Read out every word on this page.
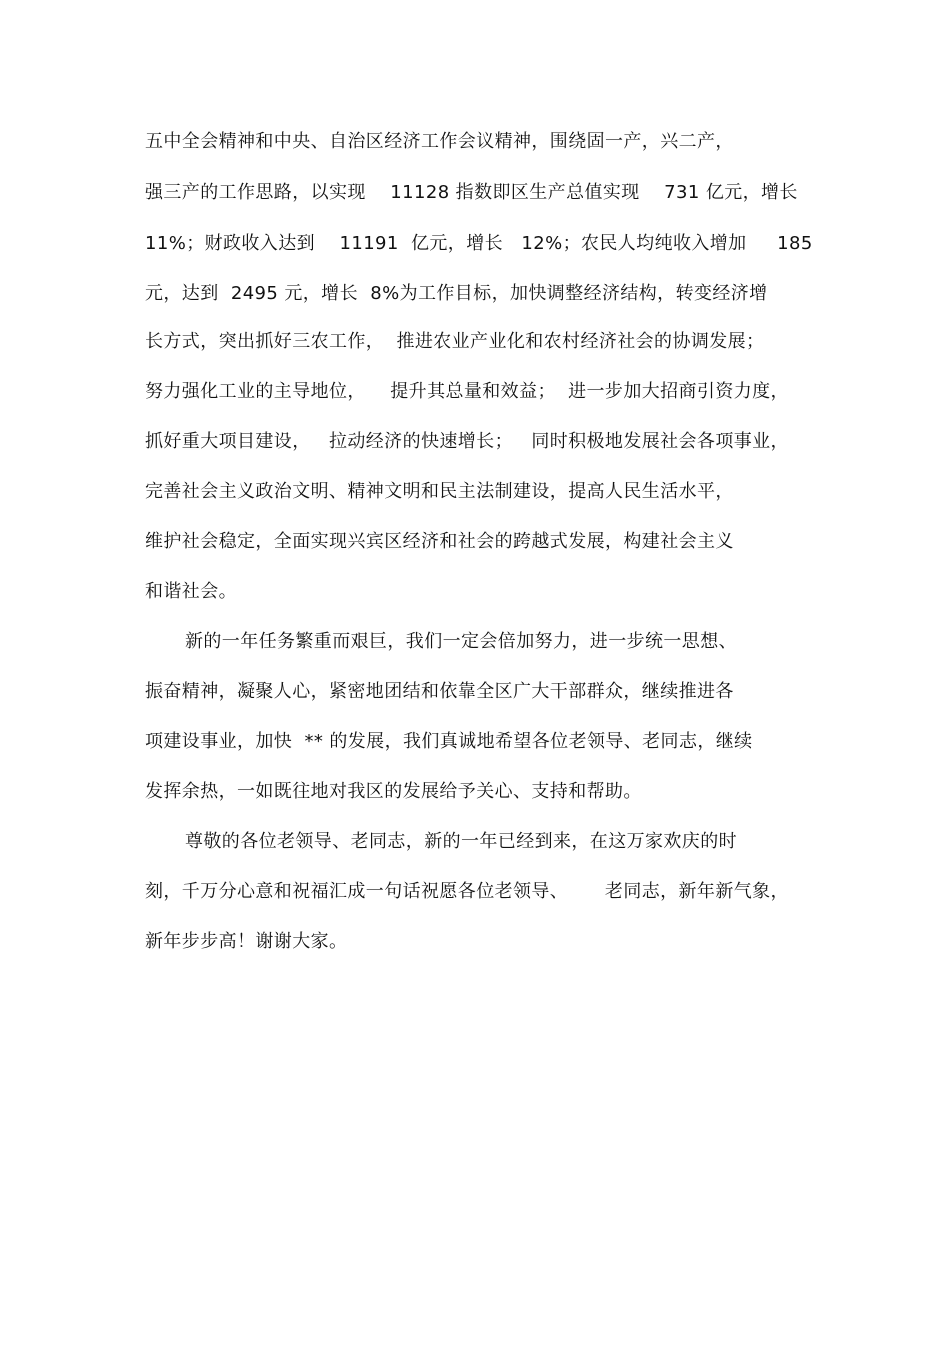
五中全会精神和中央、自治区经济工作会议精神，围绕固一产，兴二产，
强三产的工作思路，以实现    11128 指数即区生产总值实现    731 亿元，增长
11%；财政收入达到    11191  亿元，增长   12%；农民人均纯收入增加     185
元，达到  2495 元，增长  8%为工作目标，加快调整经济结构，转变经济增
长方式，突出抓好三农工作，  推进农业产业化和农村经济社会的协调发展；
努力强化工业的主导地位，    提升其总量和效益；  进一步加大招商引资力度，
抓好重大项目建设，   拉动经济的快速增长；   同时积极地发展社会各项事业，
完善社会主义政治文明、精神文明和民主法制建设，提高人民生活水平，
维护社会稳定，全面实现兴宾区经济和社会的跨越式发展，构建社会主义
和谐社会。
新的一年任务繁重而艰巨，我们一定会倍加努力，进一步统一思想、
振奋精神，凝聚人心，紧密地团结和依靠全区广大干部群众，继续推进各
项建设事业，加快  ** 的发展，我们真诚地希望各位老领导、老同志，继续
发挥余热，一如既往地对我区的发展给予关心、支持和帮助。
尊敬的各位老领导、老同志，新的一年已经到来，在这万家欢庆的时
刻，千万分心意和祝福汇成一句话祝愿各位老领导、      老同志，新年新气象，
新年步步高！谢谢大家。
